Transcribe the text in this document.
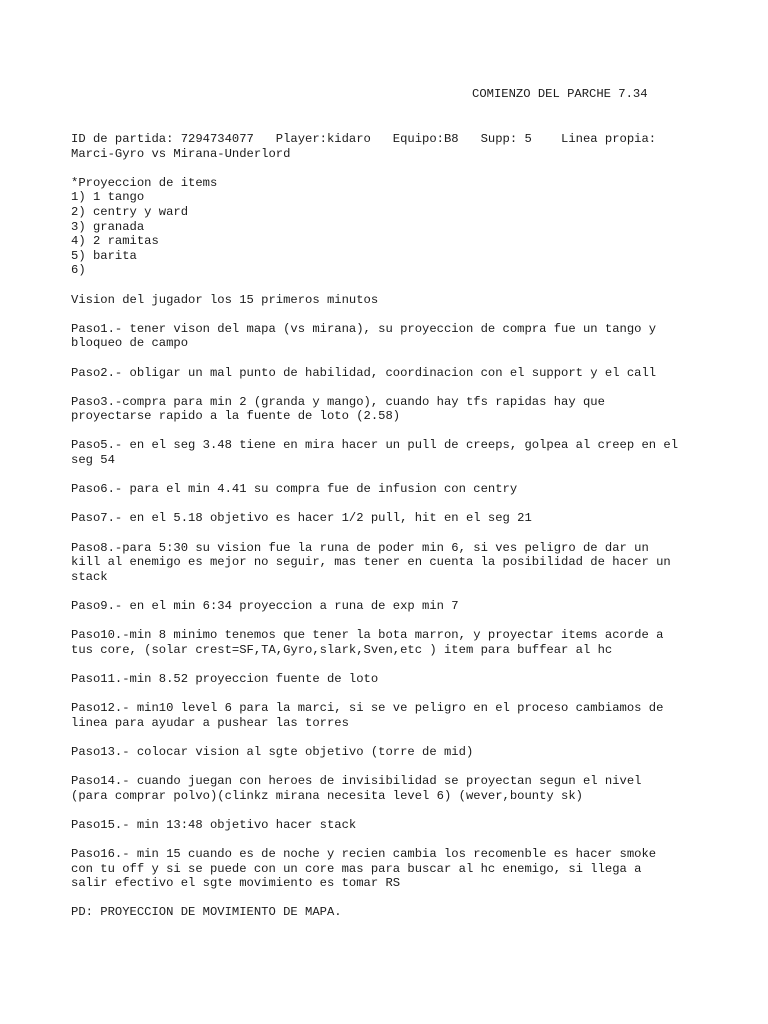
COMIENZO DEL PARCHE 7.34
ID de partida: 7294734077   Player:kidaro   Equipo:B8   Supp: 5    Linea propia:
Marci-Gyro vs Mirana-Underlord
*Proyeccion de items
1) 1 tango
2) centry y ward
3) granada
4) 2 ramitas
5) barita
6)
Vision del jugador los 15 primeros minutos
Paso1.- tener vison del mapa (vs mirana), su proyeccion de compra fue un tango y
bloqueo de campo
Paso2.- obligar un mal punto de habilidad, coordinacion con el support y el call
Paso3.-compra para min 2 (granda y mango), cuando hay tfs rapidas hay que
proyectarse rapido a la fuente de loto (2.58)
Paso5.- en el seg 3.48 tiene en mira hacer un pull de creeps, golpea al creep en el
seg 54
Paso6.- para el min 4.41 su compra fue de infusion con centry
Paso7.- en el 5.18 objetivo es hacer 1/2 pull, hit en el seg 21
Paso8.-para 5:30 su vision fue la runa de poder min 6, si ves peligro de dar un
kill al enemigo es mejor no seguir, mas tener en cuenta la posibilidad de hacer un
stack
Paso9.- en el min 6:34 proyeccion a runa de exp min 7
Paso10.-min 8 minimo tenemos que tener la bota marron, y proyectar items acorde a
tus core, (solar crest=SF,TA,Gyro,slark,Sven,etc ) item para buffear al hc
Paso11.-min 8.52 proyeccion fuente de loto
Paso12.- min10 level 6 para la marci, si se ve peligro en el proceso cambiamos de
linea para ayudar a pushear las torres
Paso13.- colocar vision al sgte objetivo (torre de mid)
Paso14.- cuando juegan con heroes de invisibilidad se proyectan segun el nivel
(para comprar polvo)(clinkz mirana necesita level 6) (wever,bounty sk)
Paso15.- min 13:48 objetivo hacer stack
Paso16.- min 15 cuando es de noche y recien cambia los recomenble es hacer smoke
con tu off y si se puede con un core mas para buscar al hc enemigo, si llega a
salir efectivo el sgte movimiento es tomar RS
PD: PROYECCION DE MOVIMIENTO DE MAPA.
